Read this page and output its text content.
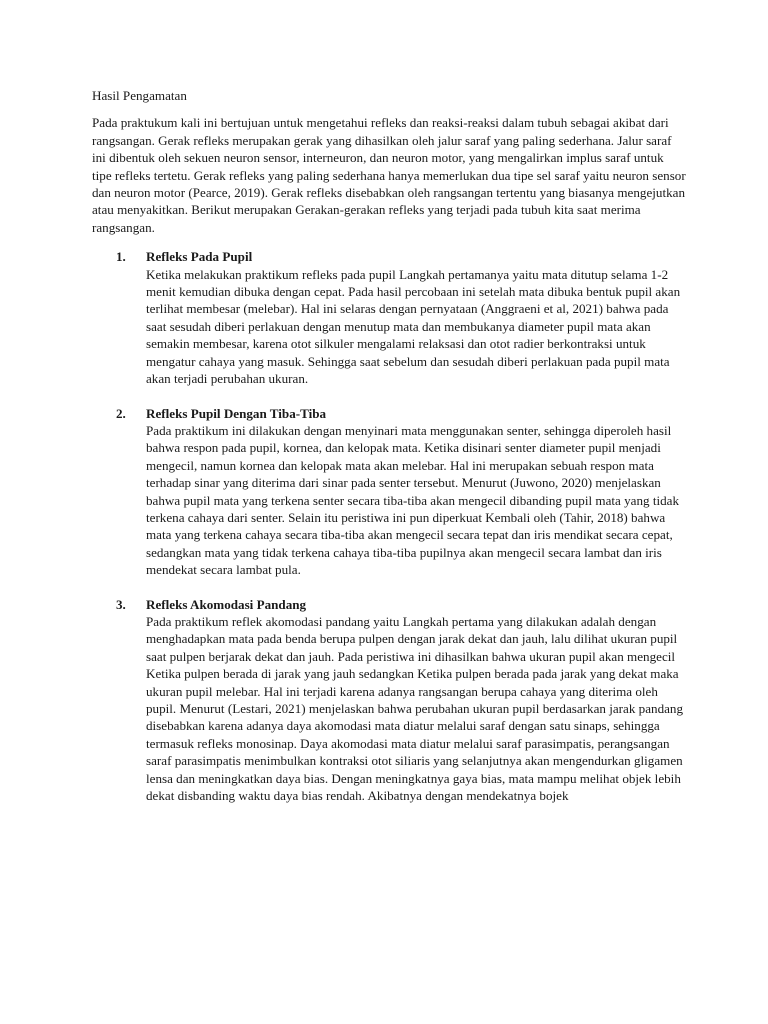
Hasil Pengamatan

Pada praktukum kali ini bertujuan untuk mengetahui refleks dan reaksi-reaksi dalam tubuh sebagai akibat dari rangsangan. Gerak refleks merupakan gerak yang dihasilkan oleh jalur saraf yang paling sederhana. Jalur saraf ini dibentuk oleh sekuen neuron sensor, interneuron, dan neuron motor, yang mengalirkan implus saraf untuk tipe refleks tertetu. Gerak refleks yang paling sederhana hanya memerlukan dua tipe sel saraf yaitu neuron sensor dan neuron motor (Pearce, 2019). Gerak refleks disebabkan oleh rangsangan tertentu yang biasanya mengejutkan atau menyakitkan. Berikut merupakan Gerakan-gerakan refleks yang terjadi pada tubuh kita saat merima rangsangan.

1. Refleks Pada Pupil
Ketika melakukan praktikum refleks pada pupil Langkah pertamanya yaitu mata ditutup selama 1-2 menit kemudian dibuka dengan cepat. Pada hasil percobaan ini setelah mata dibuka bentuk pupil akan terlihat membesar (melebar). Hal ini selaras dengan pernyataan (Anggraeni et al, 2021) bahwa pada saat sesudah diberi perlakuan dengan menutup mata dan membukanya diameter pupil mata akan semakin membesar, karena otot silkuler mengalami relaksasi dan otot radier berkontraksi untuk mengatur cahaya yang masuk. Sehingga saat sebelum dan sesudah diberi perlakuan pada pupil mata akan terjadi perubahan ukuran.
2. Refleks Pupil Dengan Tiba-Tiba
Pada praktikum ini dilakukan dengan menyinari mata menggunakan senter, sehingga diperoleh hasil bahwa respon pada pupil, kornea, dan kelopak mata. Ketika disinari senter diameter pupil menjadi mengecil, namun kornea dan kelopak mata akan melebar. Hal ini merupakan sebuah respon mata terhadap sinar yang diterima dari sinar pada senter tersebut. Menurut (Juwono, 2020) menjelaskan bahwa pupil mata yang terkena senter secara tiba-tiba akan mengecil dibanding pupil mata yang tidak terkena cahaya dari senter. Selain itu peristiwa ini pun diperkuat Kembali oleh (Tahir, 2018) bahwa mata yang terkena cahaya secara tiba-tiba akan mengecil secara tepat dan iris mendikat secara cepat, sedangkan mata yang tidak terkena cahaya tiba-tiba pupilnya akan mengecil secara lambat dan iris mendekat secara lambat pula.
3. Refleks Akomodasi Pandang
Pada praktikum reflek akomodasi pandang yaitu Langkah pertama yang dilakukan adalah dengan menghadapkan mata pada benda berupa pulpen dengan jarak dekat dan jauh, lalu dilihat ukuran pupil saat pulpen berjarak dekat dan jauh. Pada peristiwa ini dihasilkan bahwa ukuran pupil akan mengecil Ketika pulpen berada di jarak yang jauh sedangkan Ketika pulpen berada pada jarak yang dekat maka ukuran pupil melebar. Hal ini terjadi karena adanya rangsangan berupa cahaya yang diterima oleh pupil. Menurut (Lestari, 2021) menjelaskan bahwa perubahan ukuran pupil berdasarkan jarak pandang disebabkan karena adanya daya akomodasi mata diatur melalui saraf dengan satu sinaps, sehingga termasuk refleks monosinap. Daya akomodasi mata diatur melalui saraf parasimpatis, perangsangan saraf parasimpatis menimbulkan kontraksi otot siliaris yang selanjutnya akan mengendurkan gligamen lensa dan meningkatkan daya bias. Dengan meningkatnya gaya bias, mata mampu melihat objek lebih dekat disbanding waktu daya bias rendah. Akibatnya dengan mendekatnya bojek
